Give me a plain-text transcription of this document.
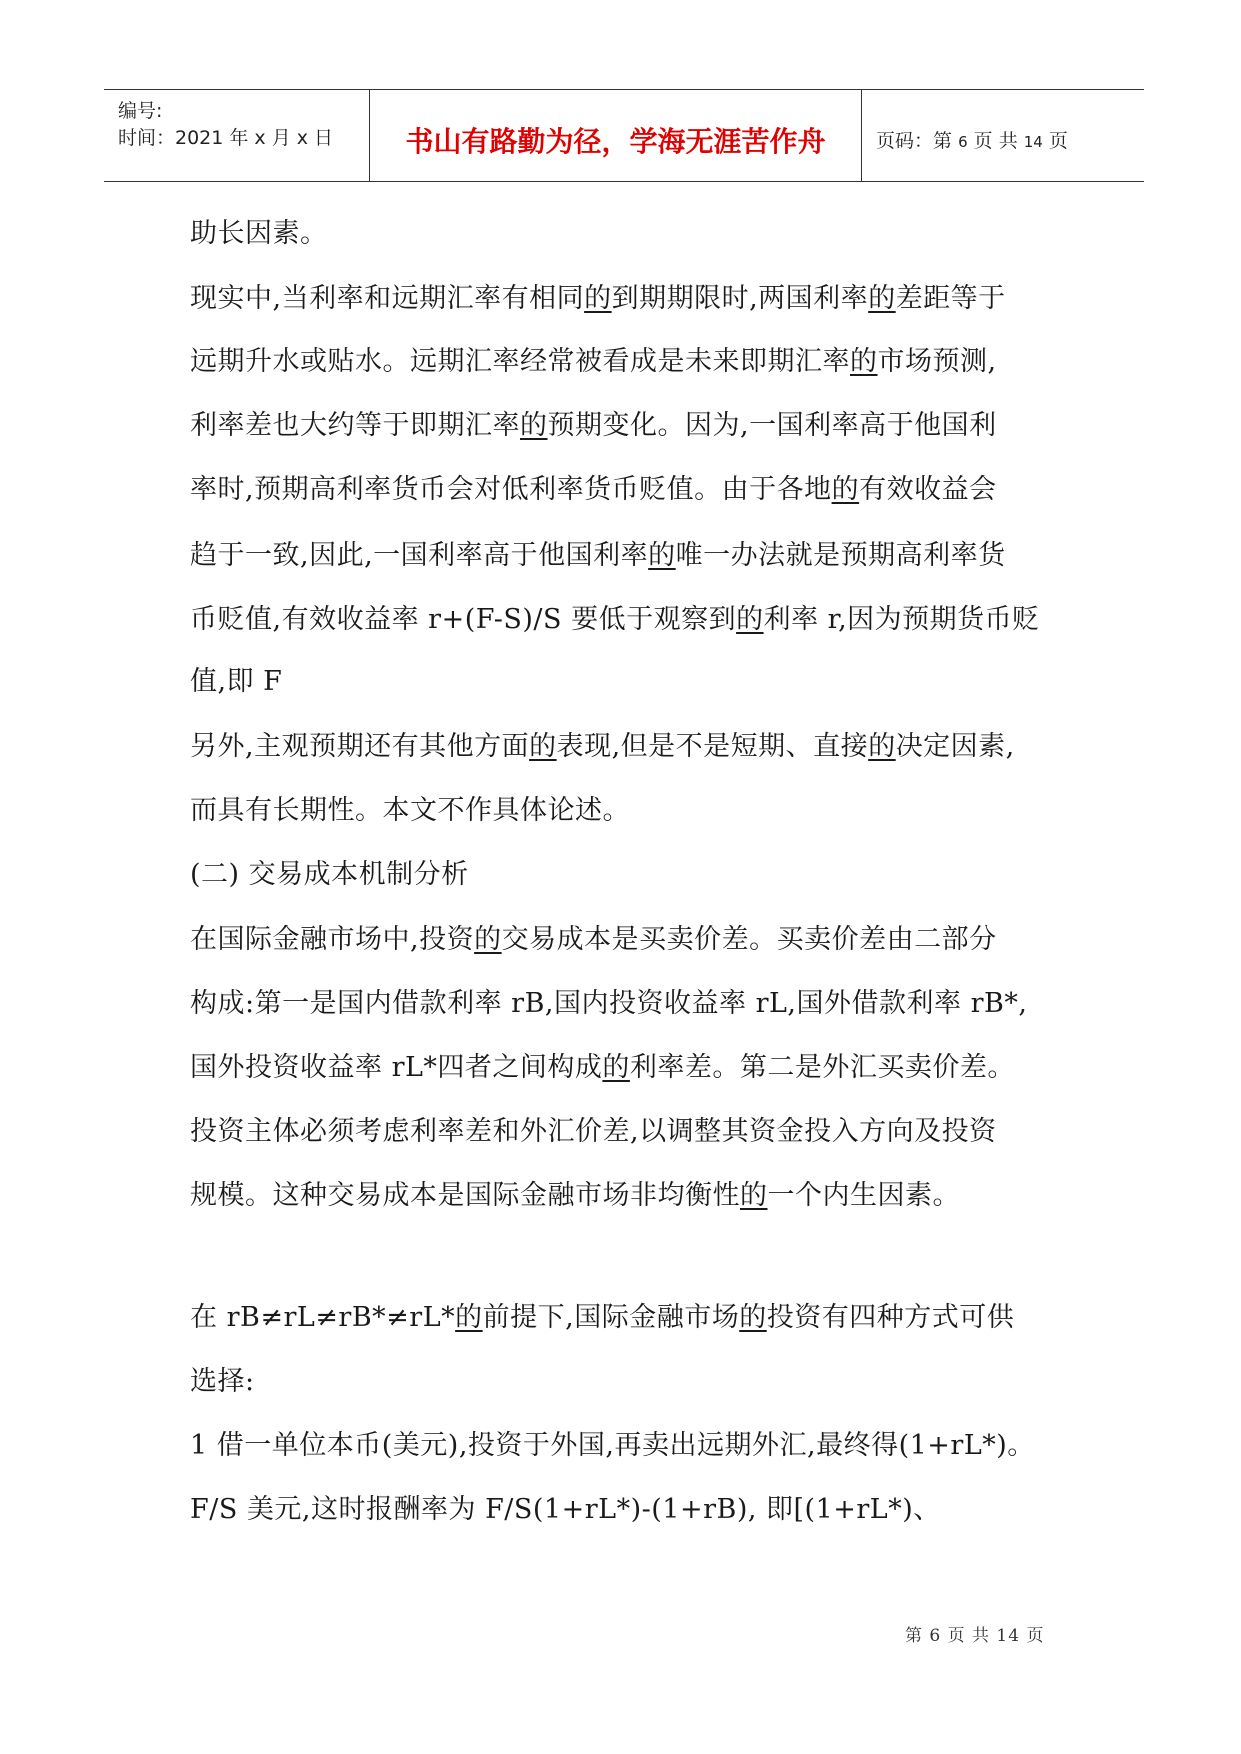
编号:
时间：2021 年 x 月 x 日	书山有路勤为径，学海无涯苦作舟	页码：第 6 页 共 14 页
助长因素。
现实中,当利率和远期汇率有相同的到期期限时,两国利率的差距等于
远期升水或贴水。远期汇率经常被看成是未来即期汇率的市场预测,
利率差也大约等于即期汇率的预期变化。因为,一国利率高于他国利
率时,预期高利率货币会对低利率货币贬值。由于各地的有效收益会
趋于一致,因此,一国利率高于他国利率的唯一办法就是预期高利率货
币贬值,有效收益率 r+(F-S)/S 要低于观察到的利率 r,因为预期货币贬
值,即 F
另外,主观预期还有其他方面的表现,但是不是短期、直接的决定因素,
而具有长期性。本文不作具体论述。
(二) 交易成本机制分析
在国际金融市场中,投资的交易成本是买卖价差。买卖价差由二部分
构成:第一是国内借款利率 rB,国内投资收益率 rL,国外借款利率 rB*,
国外投资收益率 rL*四者之间构成的利率差。第二是外汇买卖价差。
投资主体必须考虑利率差和外汇价差,以调整其资金投入方向及投资
规模。这种交易成本是国际金融市场非均衡性的一个内生因素。
在 rB≠rL≠rB*≠rL*的前提下,国际金融市场的投资有四种方式可供
选择:
1 借一单位本币(美元),投资于外国,再卖出远期外汇,最终得(1+rL*)。
F/S 美元,这时报酬率为 F/S(1+rL*)-(1+rB), 即[(1+rL*)、
第 6 页 共 14 页
